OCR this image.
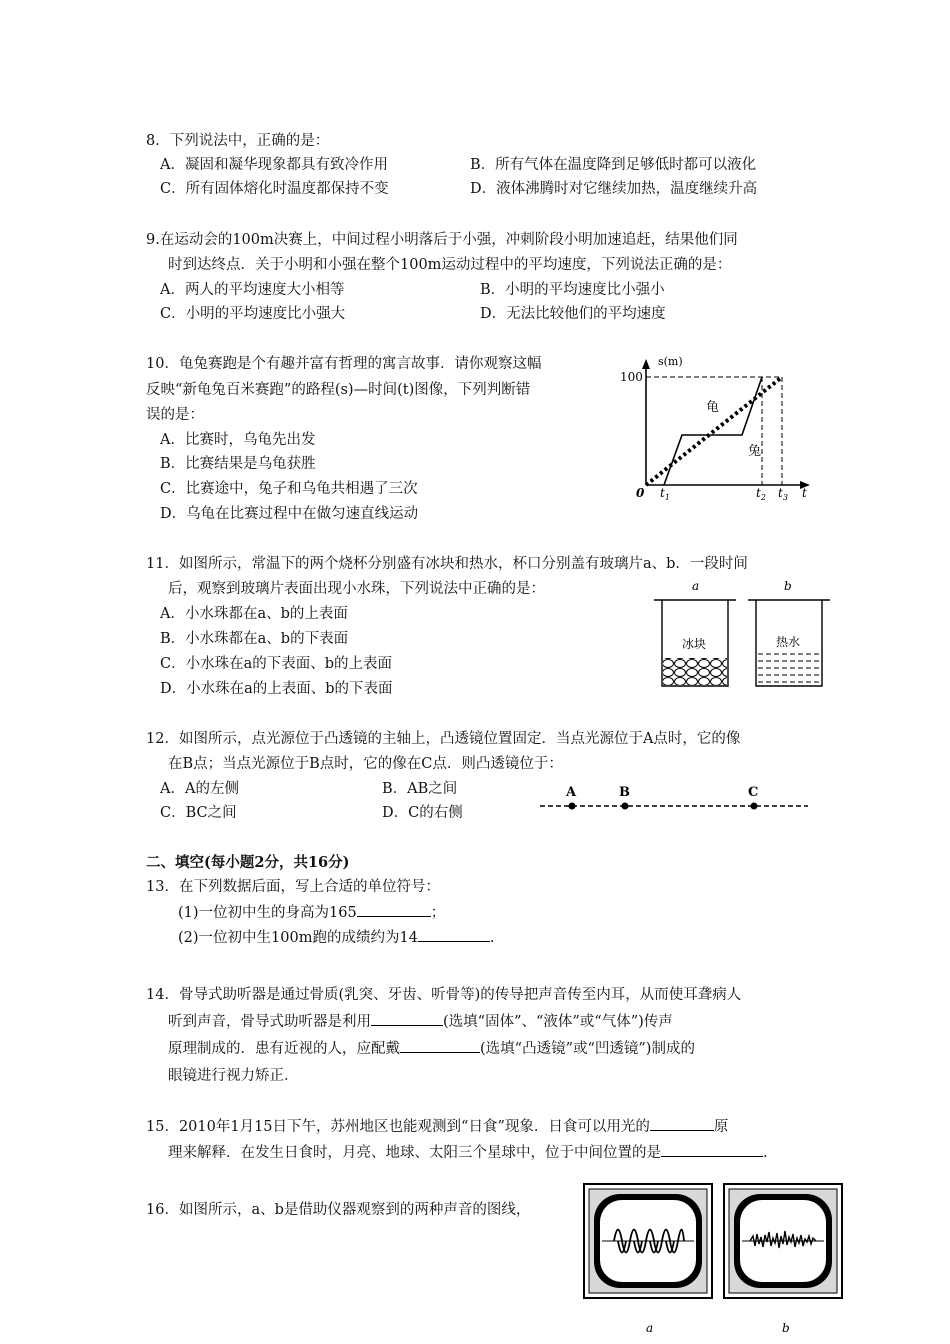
8．下列说法中，正确的是：
A．凝固和凝华现象都具有致冷作用	B．所有气体在温度降到足够低时都可以液化
C．所有固体熔化时温度都保持不变	D．液体沸腾时对它继续加热，温度继续升高
9.在运动会的100m决赛上，中间过程小明落后于小强，冲刺阶段小明加速追赶，结果他们同
时到达终点．关于小明和小强在整个100m运动过程中的平均速度，下列说法正确的是：
A．两人的平均速度大小相等	B．小明的平均速度比小强小
C．小明的平均速度比小强大	D．无法比较他们的平均速度
10．龟兔赛跑是个有趣并富有哲理的寓言故事．请你观察这幅
反映“新龟兔百米赛跑”的路程(s)—时间(t)图像，下列判断错
误的是：
A．比赛时，乌龟先出发
B．比赛结果是乌龟获胜
C．比赛途中，兔子和乌龟共相遇了三次
D．乌龟在比赛过程中在做匀速直线运动
s(m)
100
0 $t_1$	$t_2$ $t_3$ t
龟
兔
11．如图所示，常温下的两个烧杯分别盛有冰块和热水，杯口分别盖有玻璃片a、b．一段时间
后，观察到玻璃片表面出现小水珠，下列说法中正确的是：
A．小水珠都在a、b的上表面
B．小水珠都在a、b的下表面
C．小水珠在a的下表面、b的上表面
D．小水珠在a的上表面、b的下表面
a	b
冰块	热水
12．如图所示，点光源位于凸透镜的主轴上，凸透镜位置固定．当点光源位于A点时，它的像
在B点；当点光源位于B点时，它的像在C点．则凸透镜位于：
A．A的左侧	B．AB之间
C．BC之间	D．C的右侧
A	B	C
二、填空(每小题2分，共16分)
13．在下列数据后面，写上合适的单位符号：
(1)一位初中生的身高为165	；
(2)一位初中生100m跑的成绩约为14	.
14．骨导式助听器是通过骨质(乳突、牙齿、听骨等)的传导把声音传至内耳，从而使耳聋病人
听到声音，骨导式助听器是利用	(选填“固体”、“液体”或“气体”)传声
原理制成的．患有近视的人，应配戴	(选填“凸透镜”或“凹透镜”)制成的
眼镜进行视力矫正．
15．2010年1月15日下午，苏州地区也能观测到“日食”现象．日食可以用光的	原
理来解释．在发生日食时，月亮、地球、太阳三个星球中，位于中间位置的是	.
16．如图所示，a、b是借助仪器观察到的两种声音的图线，
a	b
